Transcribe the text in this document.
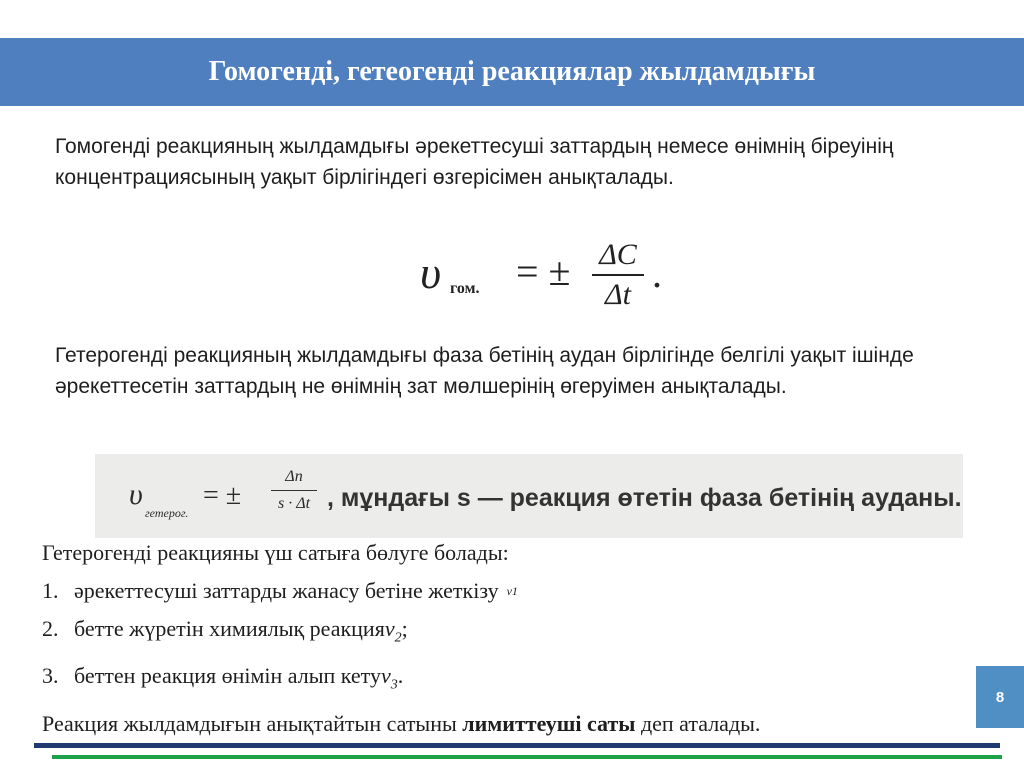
Гомогенді, гетеогенді реакциялар жылдамдығы
Гомогенді реакцияның жылдамдығы әрекеттесуші заттардың немесе өнімнің біреуінің концентрациясының уақыт бірлігіндегі өзгерісімен анықталады.
υ гом. = ± ΔC
Δt .
Гетерогенді реакцияның жылдамдығы фаза бетінің аудан бірлігінде белгілі уақыт ішінде әрекеттесетін заттардың не өнімнің зат мөлшерінің өгеруімен анықталады.
υ
гетерог.
= ±
Δn
s · Δt , мұндағы s — реакция өтетін фаза бетінің ауданы.
Гетерогенді реакцияны үш сатыға бөлуге болады:
1. әрекеттесуші заттарды жанасу бетіне жеткізу v1
2. бетте жүретін химиялық реакция $v_2$ ;
3. беттен реакция өнімін алып кету $v_3$ .
Реакция жылдамдығын анықтайтын сатыны лимиттеуші саты деп аталады.
8
